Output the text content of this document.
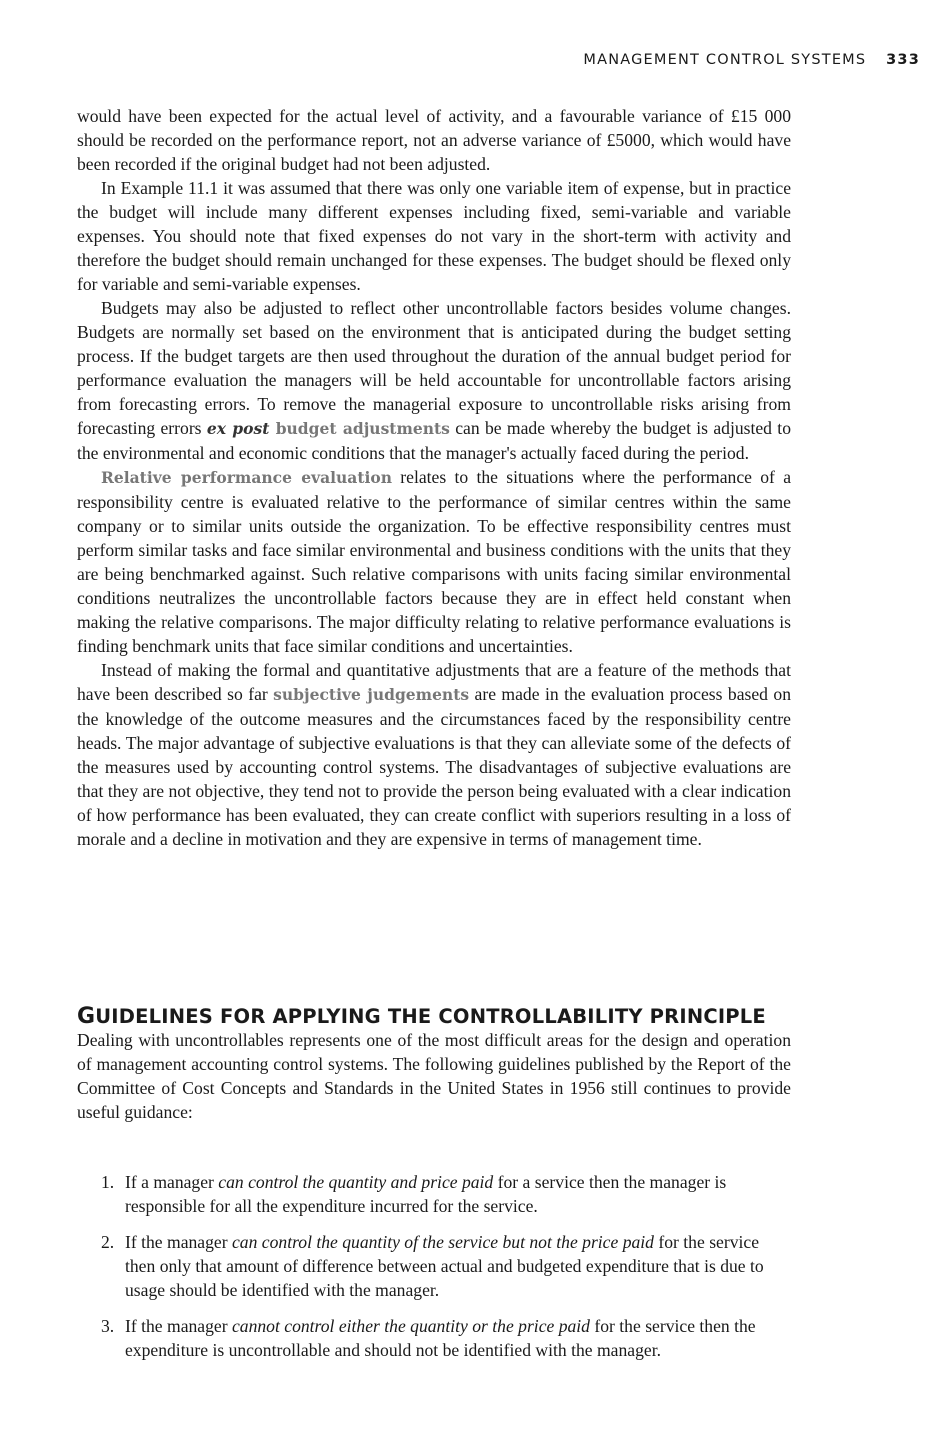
MANAGEMENT CONTROL SYSTEMS 333

would have been expected for the actual level of activity, and a favourable variance of £15 000 should be recorded on the performance report, not an adverse variance of £5000, which would have been recorded if the original budget had not been adjusted.

In Example 11.1 it was assumed that there was only one variable item of expense, but in practice the budget will include many different expenses including fixed, semi-variable and variable expenses. You should note that fixed expenses do not vary in the short-term with activity and therefore the budget should remain unchanged for these expenses. The budget should be flexed only for variable and semi-variable expenses.

Budgets may also be adjusted to reflect other uncontrollable factors besides volume changes. Budgets are normally set based on the environment that is anticipated during the budget setting process. If the budget targets are then used throughout the duration of the annual budget period for performance evaluation the managers will be held accountable for uncontrollable factors arising from forecasting errors. To remove the managerial exposure to uncontrollable risks arising from forecasting errors ex post budget adjustments can be made whereby the budget is adjusted to the environmental and economic conditions that the manager's actually faced during the period.

Relative performance evaluation relates to the situations where the performance of a responsibility centre is evaluated relative to the performance of similar centres within the same company or to similar units outside the organization. To be effective responsibility centres must perform similar tasks and face similar environmental and business conditions with the units that they are being benchmarked against. Such relative comparisons with units facing similar environmental conditions neutralizes the uncontrollable factors because they are in effect held constant when making the relative comparisons. The major difficulty relating to relative performance evaluations is finding benchmark units that face similar conditions and uncertainties.

Instead of making the formal and quantitative adjustments that are a feature of the methods that have been described so far subjective judgements are made in the evaluation process based on the knowledge of the outcome measures and the circumstances faced by the responsibility centre heads. The major advantage of subjective evaluations is that they can alleviate some of the defects of the measures used by accounting control systems. The disadvantages of subjective evaluations are that they are not objective, they tend not to provide the person being evaluated with a clear indication of how performance has been evaluated, they can create conflict with superiors resulting in a loss of morale and a decline in motivation and they are expensive in terms of management time.

GUIDELINES FOR APPLYING THE CONTROLLABILITY PRINCIPLE

Dealing with uncontrollables represents one of the most difficult areas for the design and operation of management accounting control systems. The following guidelines published by the Report of the Committee of Cost Concepts and Standards in the United States in 1956 still continues to provide useful guidance:

1. If a manager can control the quantity and price paid for a service then the manager is responsible for all the expenditure incurred for the service.
2. If the manager can control the quantity of the service but not the price paid for the service then only that amount of difference between actual and budgeted expenditure that is due to usage should be identified with the manager.
3. If the manager cannot control either the quantity or the price paid for the service then the expenditure is uncontrollable and should not be identified with the manager.
